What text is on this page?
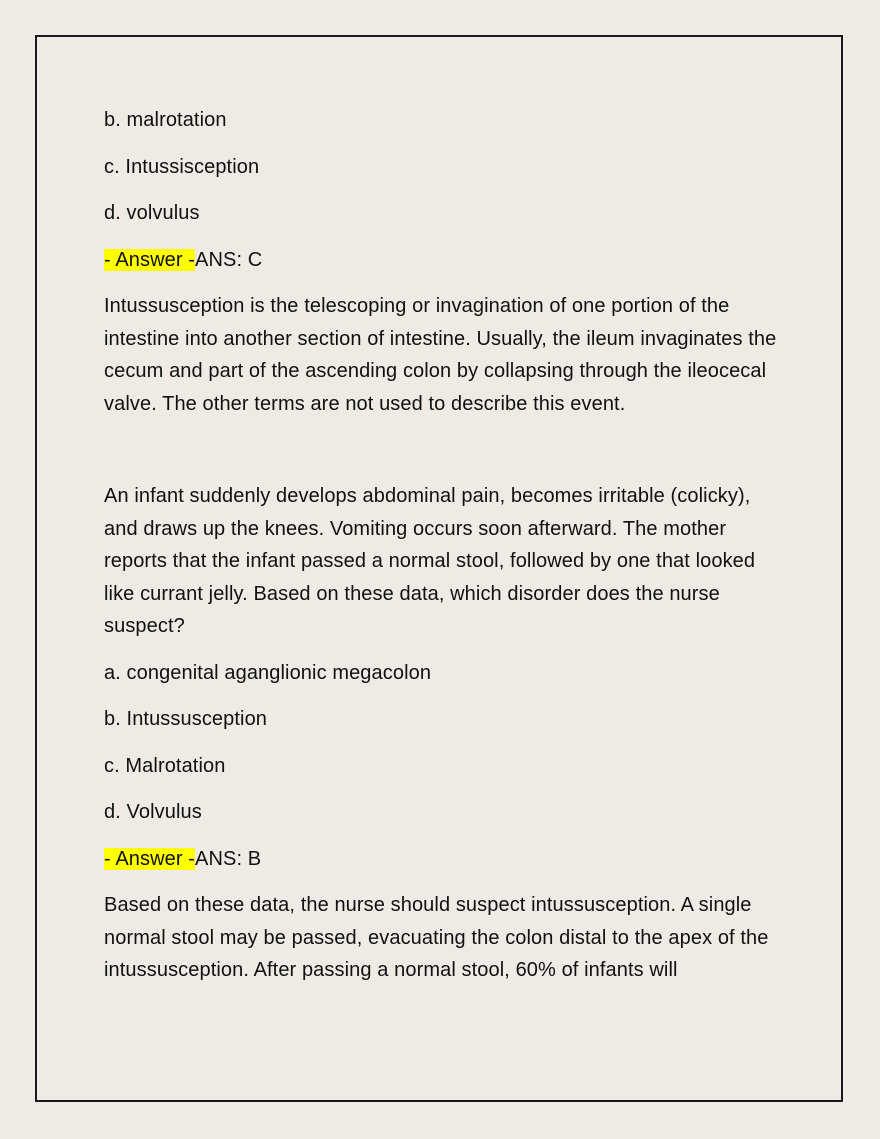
b. malrotation

c. Intussisception

d. volvulus

- Answer -ANS: C

Intussusception is the telescoping or invagination of one portion of the intestine into another section of intestine. Usually, the ileum invaginates the cecum and part of the ascending colon by collapsing through the ileocecal valve. The other terms are not used to describe this event.

An infant suddenly develops abdominal pain, becomes irritable (colicky), and draws up the knees. Vomiting occurs soon afterward. The mother reports that the infant passed a normal stool, followed by one that looked like currant jelly. Based on these data, which disorder does the nurse suspect?

a. congenital aganglionic megacolon

b. Intussusception

c. Malrotation

d. Volvulus

- Answer -ANS: B

Based on these data, the nurse should suspect intussusception. A single normal stool may be passed, evacuating the colon distal to the apex of the intussusception. After passing a normal stool, 60% of infants will
